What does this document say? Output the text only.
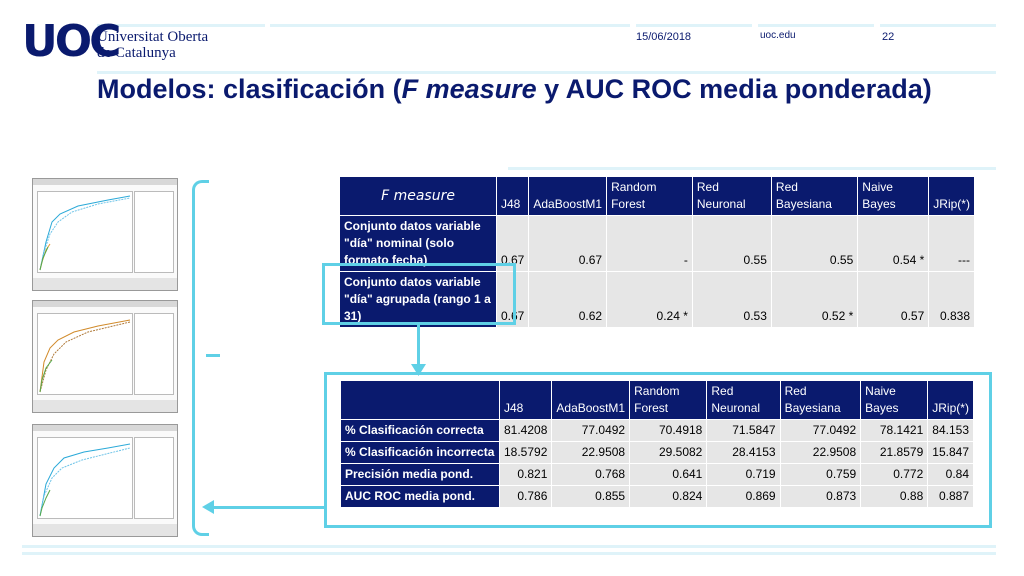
UOC
Universitat Oberta
de Catalunya
15/06/2018	uoc.edu	22
Modelos: clasificación (F measure y AUC ROC media ponderada)
F measure	J48	AdaBoostM1	Random Forest	Red Neuronal	Red Bayesiana	Naive Bayes	JRip(*)
Conjunto datos variable "día" nominal (solo formato fecha)	0.67	0.67	-	0.55	0.55	0.54 *	---
Conjunto datos variable "día" agrupada (rango 1 a 31)	0.67	0.62	0.24 *	0.53	0.52 *	0.57	0.838
	J48	AdaBoostM1	Random Forest	Red Neuronal	Red Bayesiana	Naive Bayes	JRip(*)
% Clasificación correcta	81.4208	77.0492	70.4918	71.5847	77.0492	78.1421	84.153
% Clasificación incorrecta	18.5792	22.9508	29.5082	28.4153	22.9508	21.8579	15.847
Precisión media pond.	0.821	0.768	0.641	0.719	0.759	0.772	0.84
AUC ROC media pond.	0.786	0.855	0.824	0.869	0.873	0.88	0.887
